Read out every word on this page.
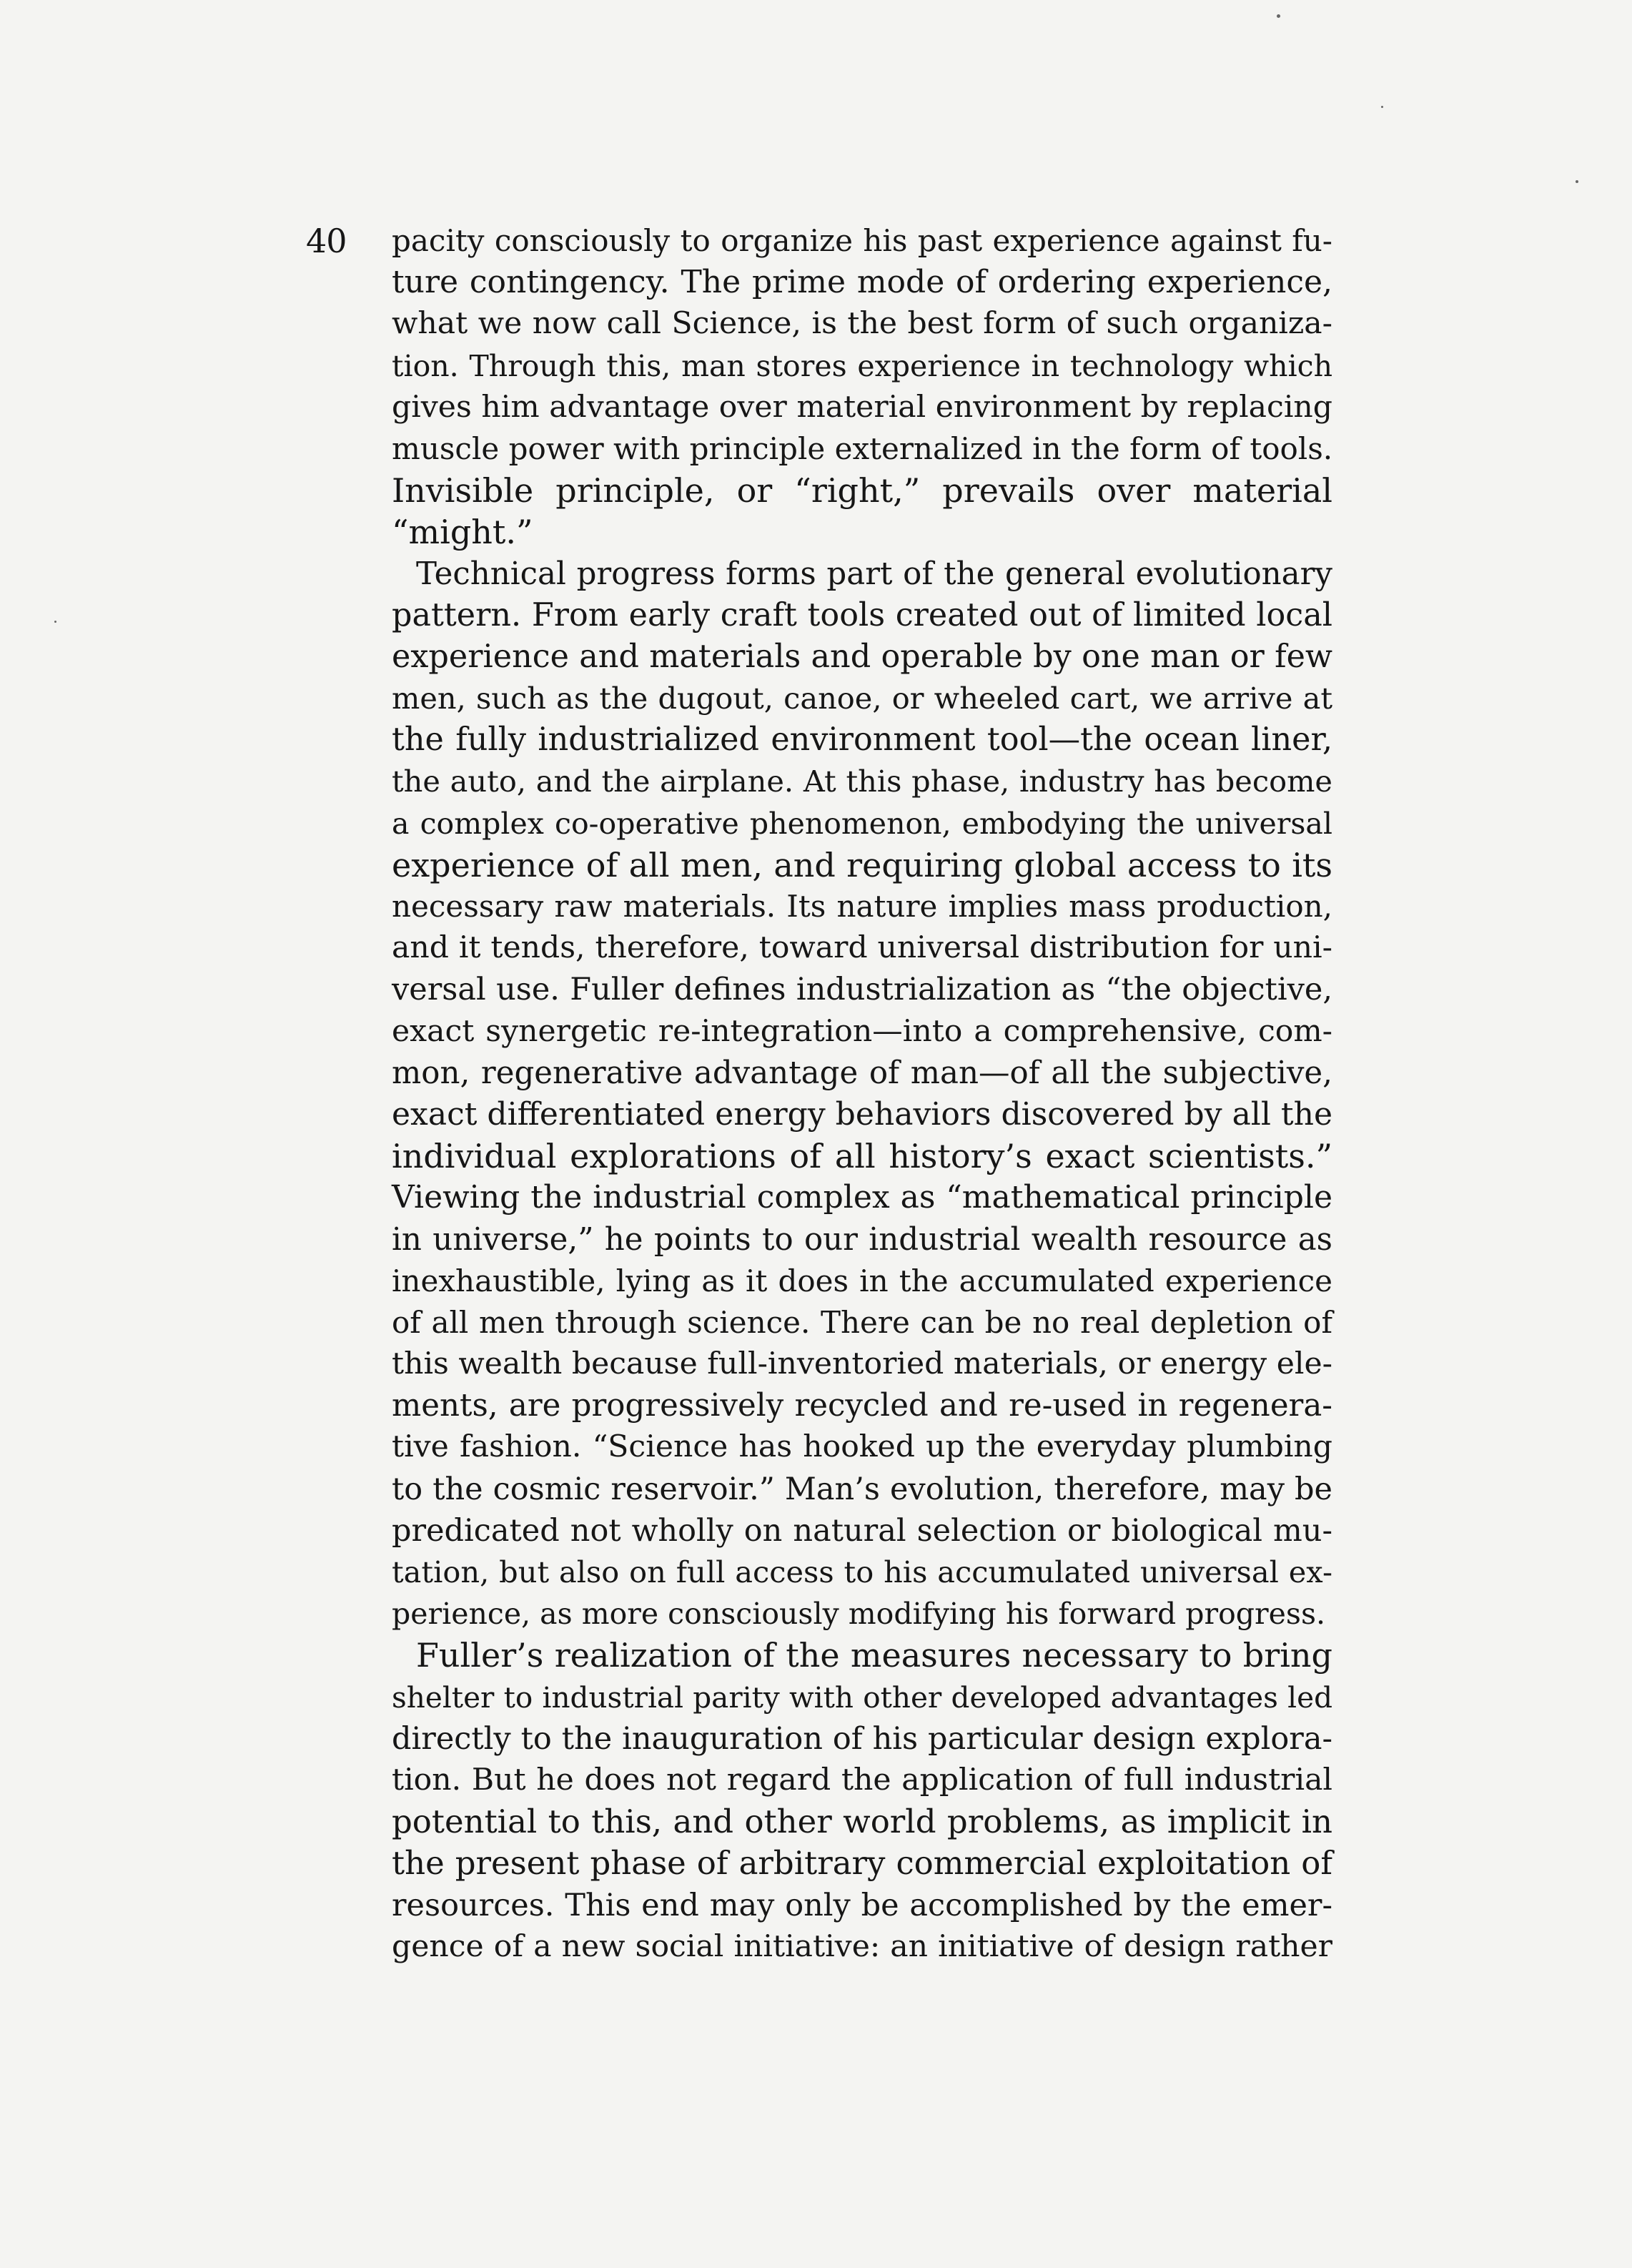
40 pacity consciously to organize his past experience against fu-
ture contingency. The prime mode of ordering experience,
what we now call Science, is the best form of such organiza-
tion. Through this, man stores experience in technology which
gives him advantage over material environment by replacing
muscle power with principle externalized in the form of tools.
Invisible principle, or “right,” prevails over material
“might.”
Technical progress forms part of the general evolutionary
pattern. From early craft tools created out of limited local
experience and materials and operable by one man or few
men, such as the dugout, canoe, or wheeled cart, we arrive at
the fully industrialized environment tool—the ocean liner,
the auto, and the airplane. At this phase, industry has become
a complex co-operative phenomenon, embodying the universal
experience of all men, and requiring global access to its
necessary raw materials. Its nature implies mass production,
and it tends, therefore, toward universal distribution for uni-
versal use. Fuller defines industrialization as “the objective,
exact synergetic re-integration—into a comprehensive, com-
mon, regenerative advantage of man—of all the subjective,
exact differentiated energy behaviors discovered by all the
individual explorations of all history’s exact scientists.”
Viewing the industrial complex as “mathematical principle
in universe,” he points to our industrial wealth resource as
inexhaustible, lying as it does in the accumulated experience
of all men through science. There can be no real depletion of
this wealth because full-inventoried materials, or energy ele-
ments, are progressively recycled and re-used in regenera-
tive fashion. “Science has hooked up the everyday plumbing
to the cosmic reservoir.” Man’s evolution, therefore, may be
predicated not wholly on natural selection or biological mu-
tation, but also on full access to his accumulated universal ex-
perience, as more consciously modifying his forward progress.
Fuller’s realization of the measures necessary to bring
shelter to industrial parity with other developed advantages led
directly to the inauguration of his particular design explora-
tion. But he does not regard the application of full industrial
potential to this, and other world problems, as implicit in
the present phase of arbitrary commercial exploitation of
resources. This end may only be accomplished by the emer-
gence of a new social initiative: an initiative of design rather
